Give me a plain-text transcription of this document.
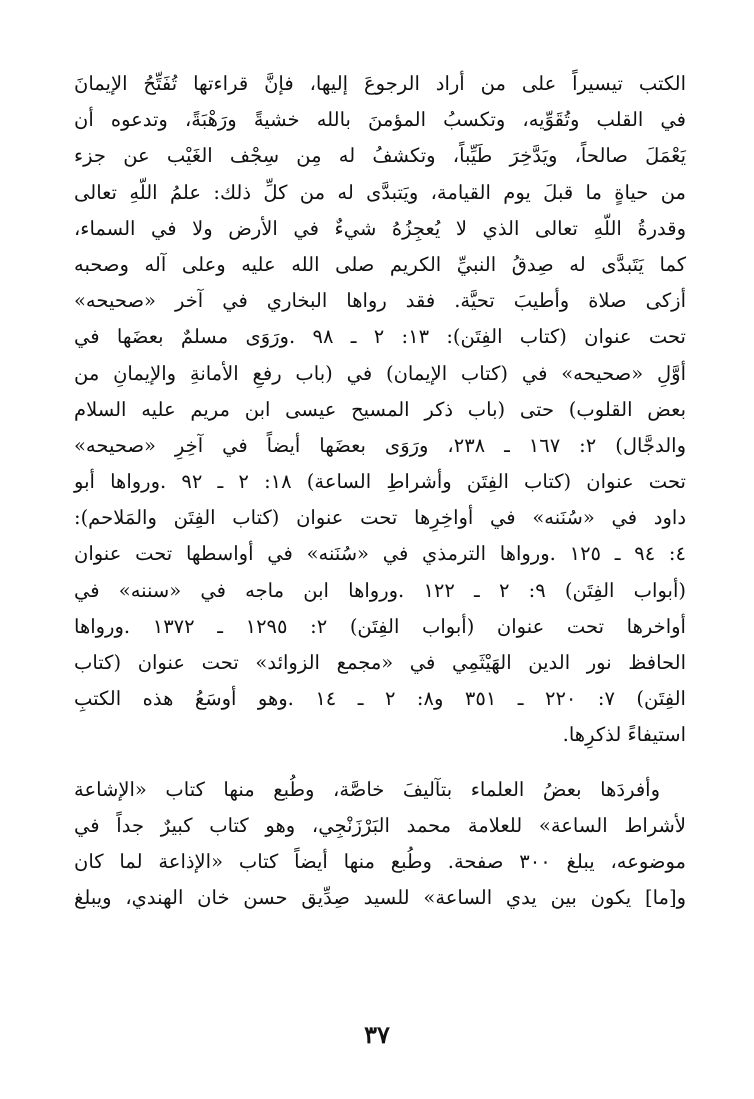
الكتب تيسيراً على من أراد الرجوعَ إليها، فإنَّ قراءتها تُفَتِّحُ الإيمانَ
في القلب وتُقَوِّيه، وتكسبُ المؤمنَ بالله خشيةً ورَهْبَةً، وتدعوه أن
يَعْمَلَ صالحاً، ويَدَّخِرَ طَيِّباً، وتكشفُ له مِن سِجْف الغَيْب عن جزء
من حياةٍ ما قبلَ يوم القيامة، ويَتبدَّى له من كلِّ ذلك: علمُ اللّهِ تعالى
وقدرةُ اللّهِ تعالى الذي لا يُعجِزُهُ شيءٌ في الأرض ولا في السماء،
كما يَتَبدَّى له صِدقُ النبيِّ الكريم صلى الله عليه وعلى آله وصحبه
أزكى صلاة وأطيبَ تحيَّة. فقد رواها البخاري في آخر «صحيحه»
تحت عنوان (كتاب الفِتَن): ١٣: ٢ ـ ٩٨ .ورَوَى مسلمٌ بعضَها في
أوَّلِ «صحيحه» في (كتاب الإيمان) في (باب رفعِ الأمانةِ والإيمانِ من
بعض القلوب) حتى (باب ذكر المسيح عيسى ابن مريم عليه السلام
والدجَّال) ٢: ١٦٧ ـ ٢٣٨، ورَوَى بعضَها أيضاً في آخِرِ «صحيحه»
تحت عنوان (كتاب الفِتَن وأشراطِ الساعة) ١٨: ٢ ـ ٩٢ .ورواها أبو
داود في «سُنَنه» في أواخِرِها تحت عنوان (كتاب الفِتَن والمَلاحم):
٤: ٩٤ ـ ١٢٥ .ورواها الترمذي في «سُنَنه» في أواسطها تحت عنوان
(أبواب الفِتَن) ٩: ٢ ـ ١٢٢ .ورواها ابن ماجه في «سننه» في
أواخرها تحت عنوان (أبواب الفِتَن) ٢: ١٢٩٥ ـ ١٣٧٢ .ورواها
الحافظ نور الدين الهَيْثَمِي في «مجمع الزوائد» تحت عنوان (كتاب
الفِتَن) ٧: ٢٢٠ ـ ٣٥١ و٨: ٢ ـ ١٤ .وهو أوسَعُ هذه الكتبِ
استيفاءً لذكرِها.
وأفردَها بعضُ العلماء بتآليفَ خاصَّة، وطُبع منها كتاب «الإشاعة
لأشراط الساعة» للعلامة محمد البَرْزَنْجِي، وهو كتاب كبيرٌ جداً في
موضوعه، يبلغ ٣٠٠ صفحة. وطُبع منها أيضاً كتاب «الإذاعة لما كان
و[ما] يكون بين يدي الساعة» للسيد صِدِّيق حسن خان الهندي، ويبلغ
٣٧
